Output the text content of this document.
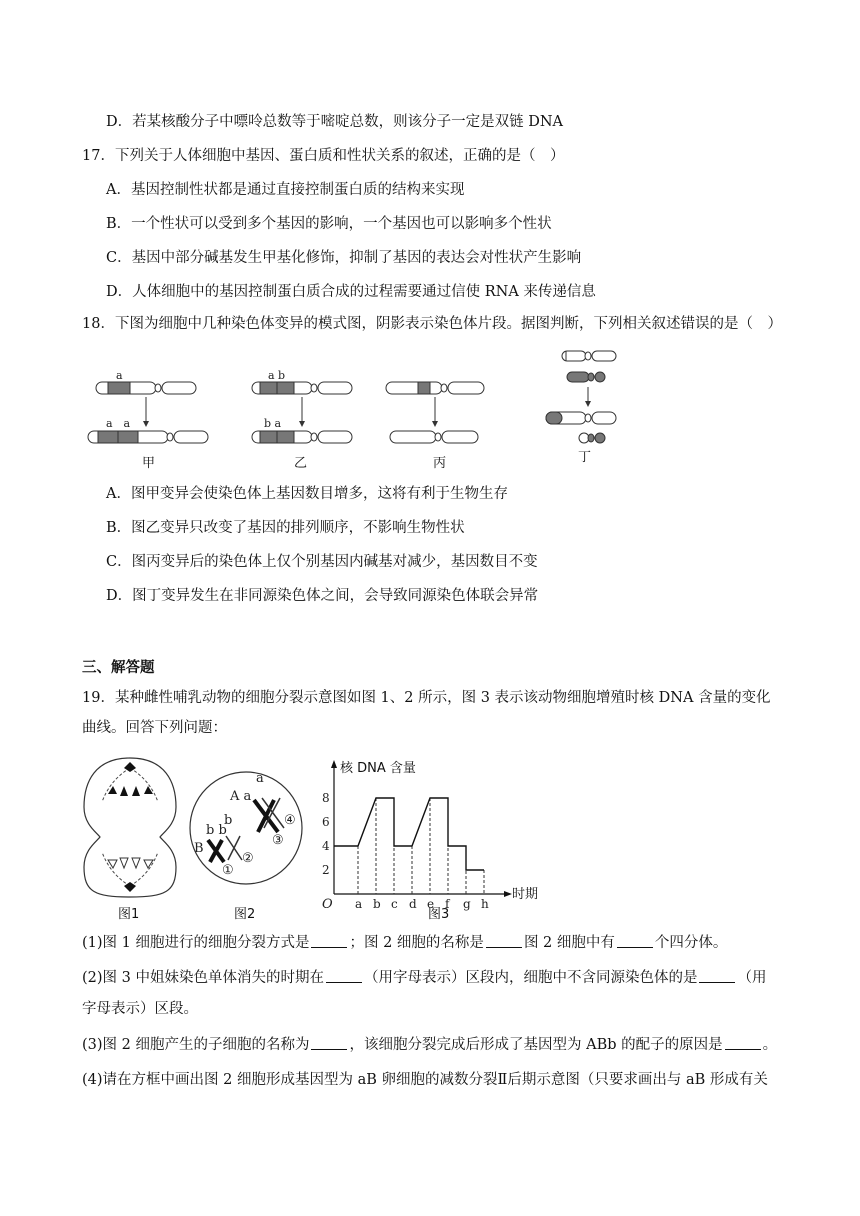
D．若某核酸分子中嘌呤总数等于嘧啶总数，则该分子一定是双链 DNA
17．下列关于人体细胞中基因、蛋白质和性状关系的叙述，正确的是（　）
A．基因控制性状都是通过直接控制蛋白质的结构来实现
B．一个性状可以受到多个基因的影响，一个基因也可以影响多个性状
C．基因中部分碱基发生甲基化修饰，抑制了基因的表达会对性状产生影响
D．人体细胞中的基因控制蛋白质合成的过程需要通过信使 RNA 来传递信息
18．下图为细胞中几种染色体变异的模式图，阴影表示染色体片段。据图判断，下列相关叙述错误的是（　）
a
a　a
甲
a b
b a
乙	丙	丁
A．图甲变异会使染色体上基因数目增多，这将有利于生物生存
B．图乙变异只改变了基因的排列顺序，不影响生物性状
C．图丙变异后的染色体上仅个别基因内碱基对减少，基因数目不变
D．图丁变异发生在非同源染色体之间，会导致同源染色体联会异常
三、解答题
19．某种雌性哺乳动物的细胞分裂示意图如图 1、2 所示，图 3 表示该动物细胞增殖时核 DNA 含量的变化
曲线。回答下列问题：
图1
A a
a
B
b b
b
①
②
③
④
图2
核 DNA 含量
时期
O a b c d e f g h
2
4
6
8
图3
(1)图 1 细胞进行的细胞分裂方式是	；图 2 细胞的名称是	图 2 细胞中有	个四分体。
(2)图 3 中姐妹染色单体消失的时期在	（用字母表示）区段内，细胞中不含同源染色体的是	（用
字母表示）区段。
(3)图 2 细胞产生的子细胞的名称为	，该细胞分裂完成后形成了基因型为 ABb 的配子的原因是	。
(4)请在方框中画出图 2 细胞形成基因型为 aB 卵细胞的减数分裂Ⅱ后期示意图（只要求画出与 aB 形成有关
